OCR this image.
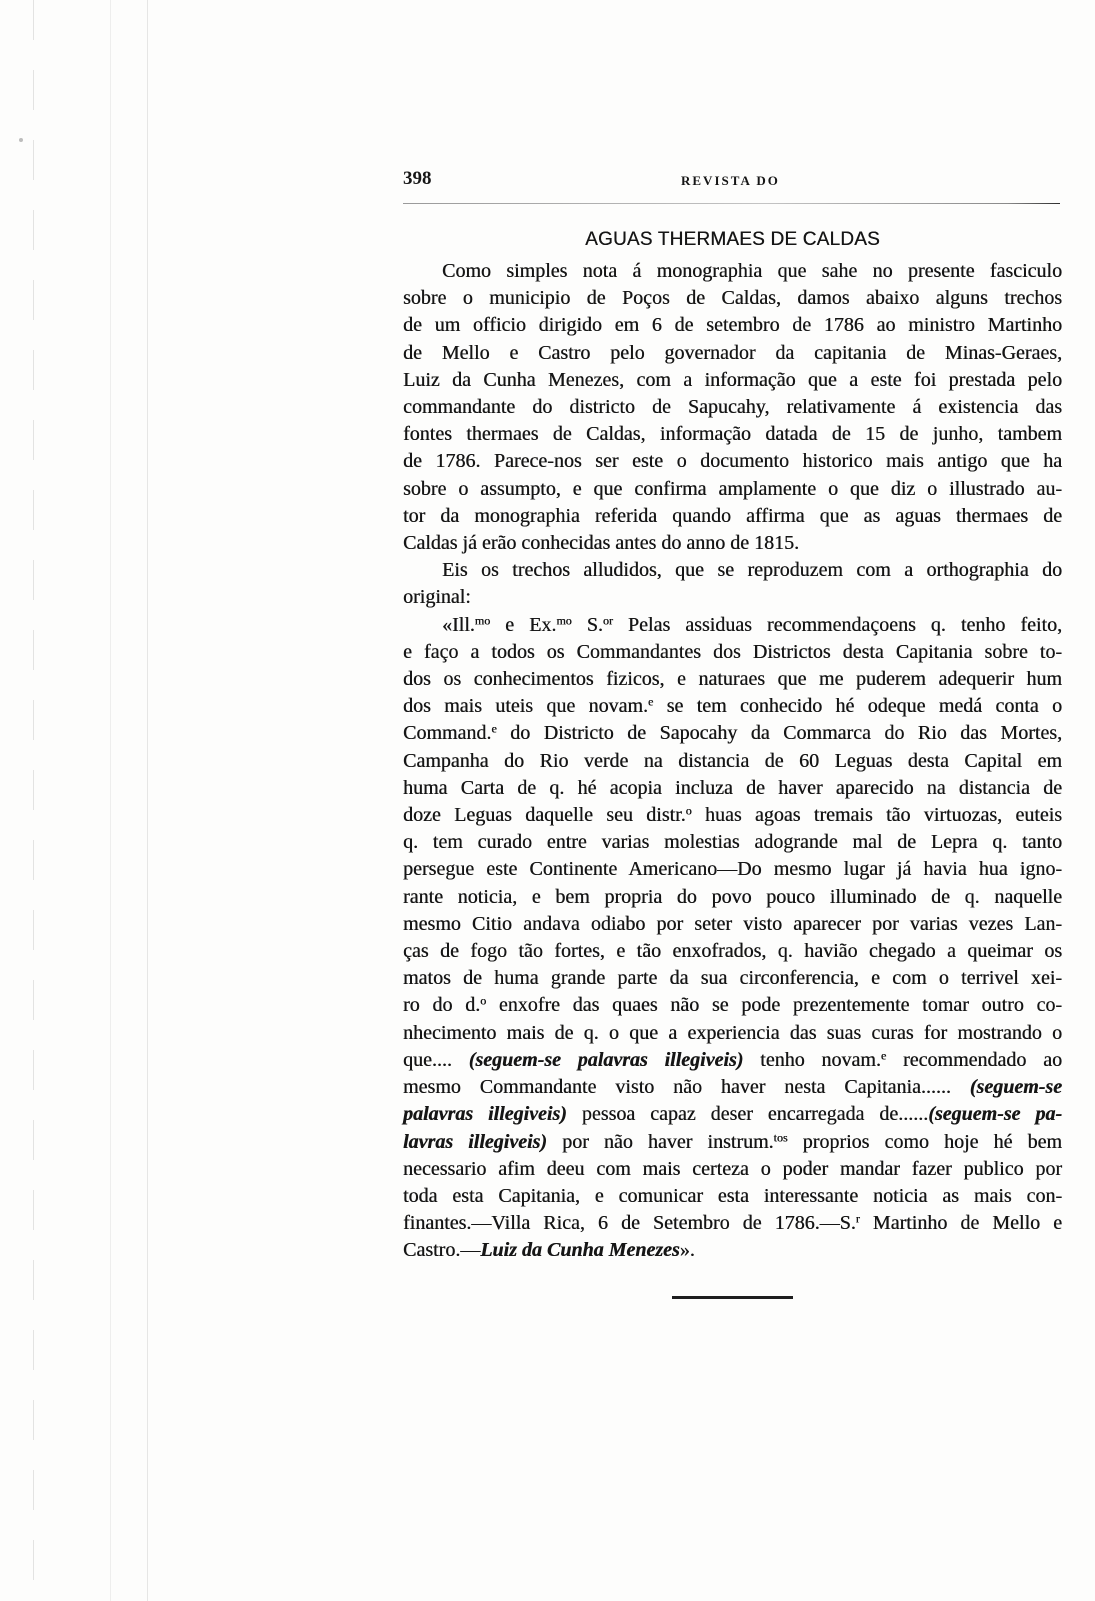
398	REVISTA DO
AGUAS THERMAES DE CALDAS
Como simples nota á monographia que sahe no presente fasciculo
sobre o municipio de Poços de Caldas, damos abaixo alguns trechos
de um officio dirigido em 6 de setembro de 1786 ao ministro Martinho
de Mello e Castro pelo governador da capitania de Minas-Geraes,
Luiz da Cunha Menezes, com a informação que a este foi prestada pelo
commandante do districto de Sapucahy, relativamente á existencia das
fontes thermaes de Caldas, informação datada de 15 de junho, tambem
de 1786. Parece-nos ser este o documento historico mais antigo que ha
sobre o assumpto, e que confirma amplamente o que diz o illustrado au-
tor da monographia referida quando affirma que as aguas thermaes de
Caldas já erão conhecidas antes do anno de 1815.
Eis os trechos alludidos, que se reproduzem com a orthographia do
original:
«Ill.$^{mo}$ e Ex.$^{mo}$ S.$^{or}$ Pelas assiduas recommendaçoens q. tenho feito,
e faço a todos os Commandantes dos Districtos desta Capitania sobre to-
dos os conhecimentos fizicos, e naturaes que me puderem adequerir hum
dos mais uteis que novam.$^e$ se tem conhecido hé odeque medá conta o
Command.$^e$ do Districto de Sapocahy da Commarca do Rio das Mortes,
Campanha do Rio verde na distancia de 60 Leguas desta Capital em
huma Carta de q. hé acopia incluza de haver aparecido na distancia de
doze Leguas daquelle seu distr.$^o$ huas agoas tremais tão virtuozas, euteis
q. tem curado entre varias molestias adogrande mal de Lepra q. tanto
persegue este Continente Americano—Do mesmo lugar já havia hua igno-
rante noticia, e bem propria do povo pouco illuminado de q. naquelle
mesmo Citio andava odiabo por seter visto aparecer por varias vezes Lan-
ças de fogo tão fortes, e tão enxofrados, q. havião chegado a queimar os
matos de huma grande parte da sua circonferencia, e com o terrivel xei-
ro do d.$^o$ enxofre das quaes não se pode prezentemente tomar outro co-
nhecimento mais de q. o que a experiencia das suas curas for mostrando o
que.... (seguem-se palavras illegiveis) tenho novam.$^e$ recommendado ao
mesmo Commandante visto não haver nesta Capitania...... (seguem-se
palavras illegiveis) pessoa capaz deser encarregada de......(seguem-se pa-
lavras illegiveis) por não haver instrum.$^{tos}$ proprios como hoje hé bem
necessario afim deeu com mais certeza o poder mandar fazer publico por
toda esta Capitania, e comunicar esta interessante noticia as mais con-
finantes.—Villa Rica, 6 de Setembro de 1786.—S.$^r$ Martinho de Mello e
Castro.—Luiz da Cunha Menezes».
